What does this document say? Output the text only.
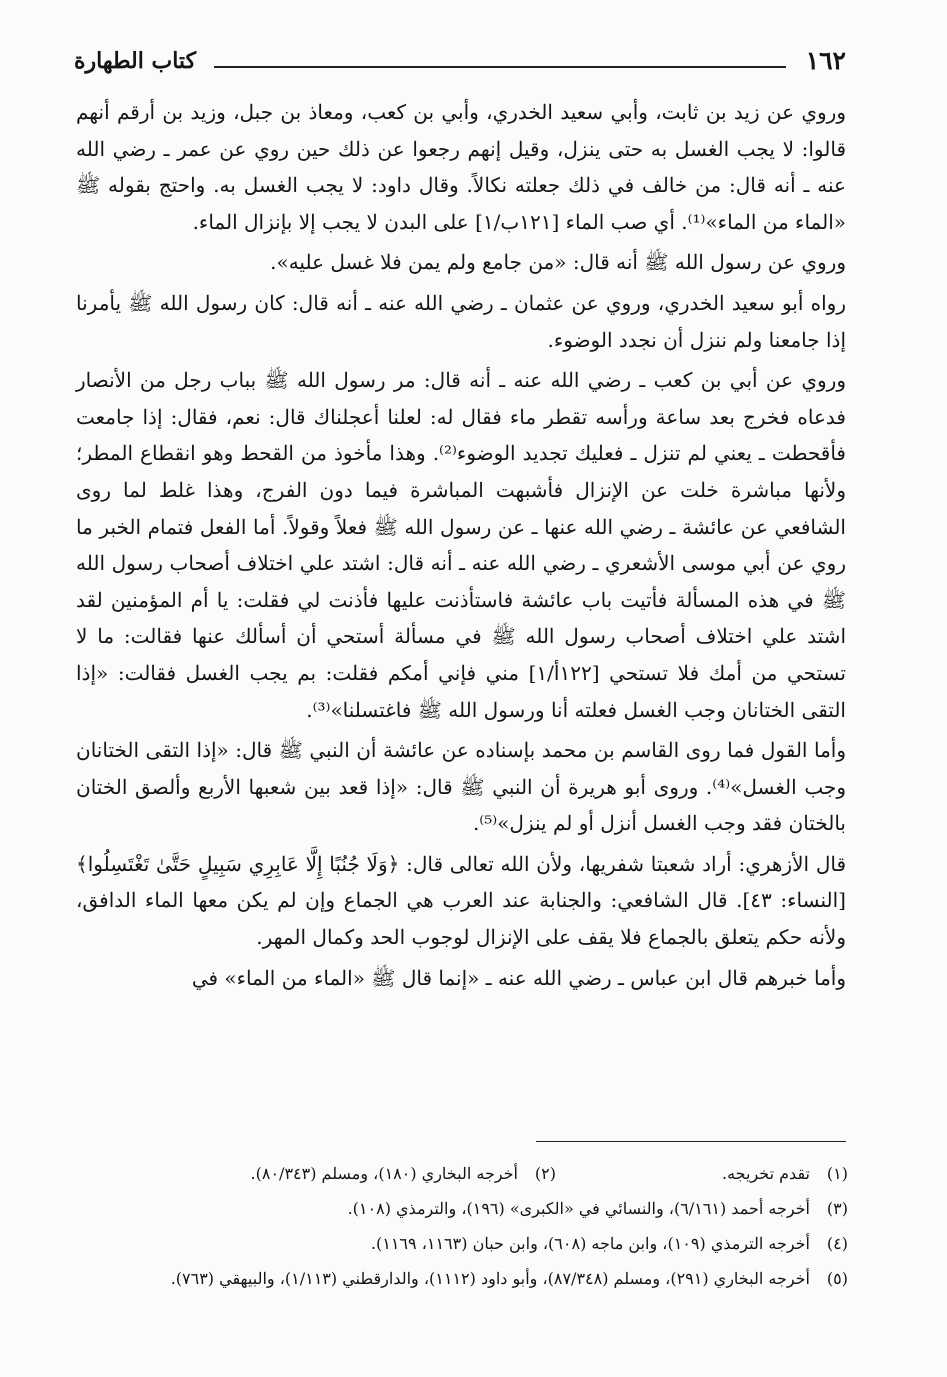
١٦٢
كتاب الطهارة

وروي عن زيد بن ثابت، وأبي سعيد الخدري، وأبي بن كعب، ومعاذ بن جبل، وزيد بن أرقم أنهم قالوا: لا يجب الغسل به حتى ينزل، وقيل إنهم رجعوا عن ذلك حين روي عن عمر ـ رضي الله عنه ـ أنه قال: من خالف في ذلك جعلته نكالاً. وقال داود: لا يجب الغسل به. واحتج بقوله ﷺ «الماء من الماء»⁽¹⁾. أي صب الماء [١٢١ب/١] على البدن لا يجب إلا بإنزال الماء.

وروي عن رسول الله ﷺ أنه قال: «من جامع ولم يمن فلا غسل عليه».

رواه أبو سعيد الخدري، وروي عن عثمان ـ رضي الله عنه ـ أنه قال: كان رسول الله ﷺ يأمرنا إذا جامعنا ولم ننزل أن نجدد الوضوء.

وروي عن أبي بن كعب ـ رضي الله عنه ـ أنه قال: مر رسول الله ﷺ بباب رجل من الأنصار فدعاه فخرج بعد ساعة ورأسه تقطر ماء فقال له: لعلنا أعجلناك قال: نعم، فقال: إذا جامعت فأقحطت ـ يعني لم تنزل ـ فعليك تجديد الوضوء⁽²⁾. وهذا مأخوذ من القحط وهو انقطاع المطر؛ ولأنها مباشرة خلت عن الإنزال فأشبهت المباشرة فيما دون الفرج، وهذا غلط لما روى الشافعي عن عائشة ـ رضي الله عنها ـ عن رسول الله ﷺ فعلاً وقولاً. أما الفعل فتمام الخبر ما روي عن أبي موسى الأشعري ـ رضي الله عنه ـ أنه قال: اشتد علي اختلاف أصحاب رسول الله ﷺ في هذه المسألة فأتيت باب عائشة فاستأذنت عليها فأذنت لي فقلت: يا أم المؤمنين لقد اشتد علي اختلاف أصحاب رسول الله ﷺ في مسألة أستحي أن أسألك عنها فقالت: ما لا تستحي من أمك فلا تستحي [١٢٢أ/١] مني فإني أمكم فقلت: بم يجب الغسل فقالت: «إذا التقى الختانان وجب الغسل فعلته أنا ورسول الله ﷺ فاغتسلنا»⁽³⁾.

وأما القول فما روى القاسم بن محمد بإسناده عن عائشة أن النبي ﷺ قال: «إذا التقى الختانان وجب الغسل»⁽⁴⁾. وروى أبو هريرة أن النبي ﷺ قال: «إذا قعد بين شعبها الأربع وألصق الختان بالختان فقد وجب الغسل أنزل أو لم ينزل»⁽⁵⁾.

قال الأزهري: أراد شعبتا شفريها، ولأن الله تعالى قال: ﴿وَلَا جُنُبًا إِلَّا عَابِرِي سَبِيلٍ حَتَّىٰ تَغْتَسِلُوا﴾ [النساء: ٤٣]. قال الشافعي: والجنابة عند العرب هي الجماع وإن لم يكن معها الماء الدافق، ولأنه حكم يتعلق بالجماع فلا يقف على الإنزال لوجوب الحد وكمال المهر.

وأما خبرهم قال ابن عباس ـ رضي الله عنه ـ «إنما قال ﷺ «الماء من الماء» في

(١)
تقدم تخريجه.
(٢)
أخرجه البخاري (١٨٠)، ومسلم (٨٠/٣٤٣).
(٣)
أخرجه أحمد (٦/١٦١)، والنسائي في «الكبرى» (١٩٦)، والترمذي (١٠٨).
(٤)
أخرجه الترمذي (١٠٩)، وابن ماجه (٦٠٨)، وابن حبان (١١٦٣، ١١٦٩).
(٥)
أخرجه البخاري (٢٩١)، ومسلم (٨٧/٣٤٨)، وأبو داود (١١١٢)، والدارقطني (١/١١٣)، والبيهقي (٧٦٣).
